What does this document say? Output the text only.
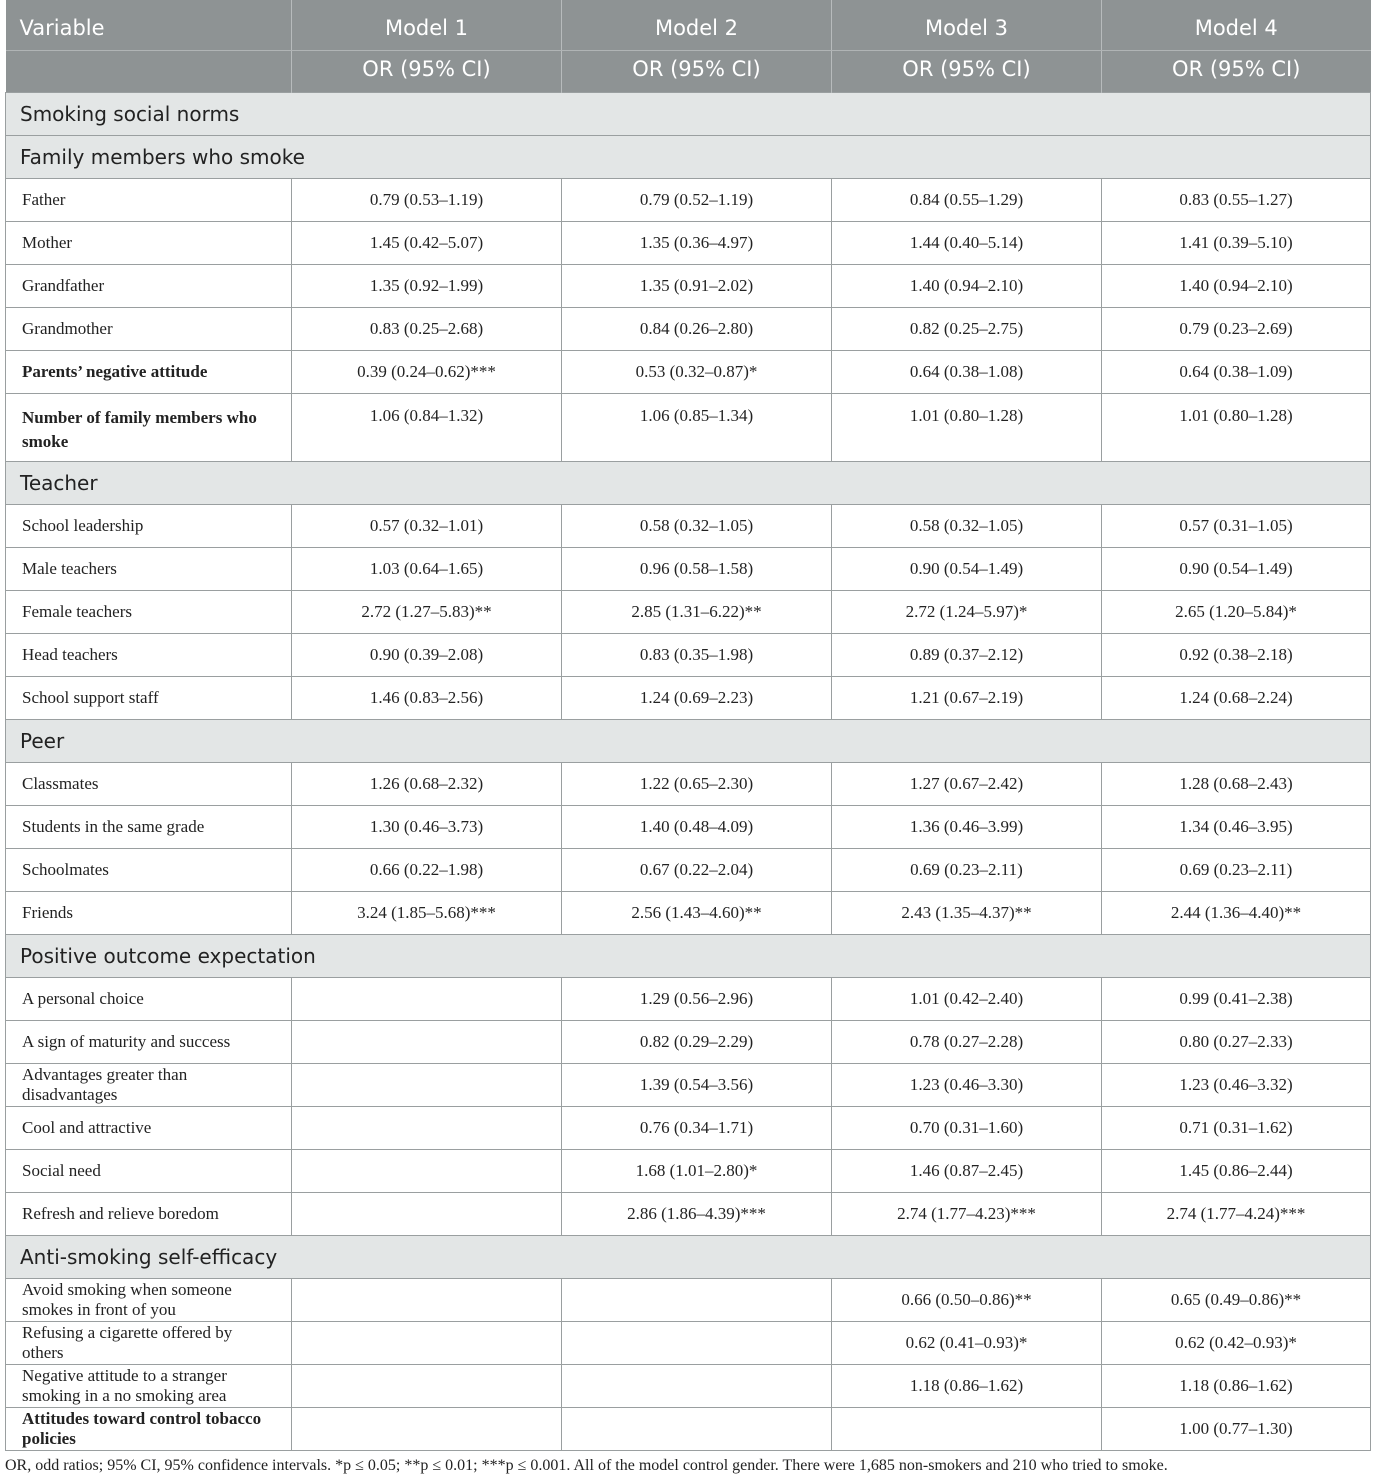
Variable	Model 1	Model 2	Model 3	Model 4
	OR (95% CI)	OR (95% CI)	OR (95% CI)	OR (95% CI)
Smoking social norms				
Family members who smoke				
Father	0.79 (0.53–1.19)	0.79 (0.52–1.19)	0.84 (0.55–1.29)	0.83 (0.55–1.27)
Mother	1.45 (0.42–5.07)	1.35 (0.36–4.97)	1.44 (0.40–5.14)	1.41 (0.39–5.10)
Grandfather	1.35 (0.92–1.99)	1.35 (0.91–2.02)	1.40 (0.94–2.10)	1.40 (0.94–2.10)
Grandmother	0.83 (0.25–2.68)	0.84 (0.26–2.80)	0.82 (0.25–2.75)	0.79 (0.23–2.69)
Parents’ negative attitude	0.39 (0.24–0.62)***	0.53 (0.32–0.87)*	0.64 (0.38–1.08)	0.64 (0.38–1.09)
Number of family members who smoke	1.06 (0.84–1.32)	1.06 (0.85–1.34)	1.01 (0.80–1.28)	1.01 (0.80–1.28)
Teacher				
School leadership	0.57 (0.32–1.01)	0.58 (0.32–1.05)	0.58 (0.32–1.05)	0.57 (0.31–1.05)
Male teachers	1.03 (0.64–1.65)	0.96 (0.58–1.58)	0.90 (0.54–1.49)	0.90 (0.54–1.49)
Female teachers	2.72 (1.27–5.83)**	2.85 (1.31–6.22)**	2.72 (1.24–5.97)*	2.65 (1.20–5.84)*
Head teachers	0.90 (0.39–2.08)	0.83 (0.35–1.98)	0.89 (0.37–2.12)	0.92 (0.38–2.18)
School support staff	1.46 (0.83–2.56)	1.24 (0.69–2.23)	1.21 (0.67–2.19)	1.24 (0.68–2.24)
Peer				
Classmates	1.26 (0.68–2.32)	1.22 (0.65–2.30)	1.27 (0.67–2.42)	1.28 (0.68–2.43)
Students in the same grade	1.30 (0.46–3.73)	1.40 (0.48–4.09)	1.36 (0.46–3.99)	1.34 (0.46–3.95)
Schoolmates	0.66 (0.22–1.98)	0.67 (0.22–2.04)	0.69 (0.23–2.11)	0.69 (0.23–2.11)
Friends	3.24 (1.85–5.68)***	2.56 (1.43–4.60)**	2.43 (1.35–4.37)**	2.44 (1.36–4.40)**
Positive outcome expectation				
A personal choice		1.29 (0.56–2.96)	1.01 (0.42–2.40)	0.99 (0.41–2.38)
A sign of maturity and success		0.82 (0.29–2.29)	0.78 (0.27–2.28)	0.80 (0.27–2.33)
Advantages greater than disadvantages		1.39 (0.54–3.56)	1.23 (0.46–3.30)	1.23 (0.46–3.32)
Cool and attractive		0.76 (0.34–1.71)	0.70 (0.31–1.60)	0.71 (0.31–1.62)
Social need		1.68 (1.01–2.80)*	1.46 (0.87–2.45)	1.45 (0.86–2.44)
Refresh and relieve boredom		2.86 (1.86–4.39)***	2.74 (1.77–4.23)***	2.74 (1.77–4.24)***
Anti-smoking self-efficacy				
Avoid smoking when someone smokes in front of you			0.66 (0.50–0.86)**	0.65 (0.49–0.86)**
Refusing a cigarette offered by others			0.62 (0.41–0.93)*	0.62 (0.42–0.93)*
Negative attitude to a stranger smoking in a no smoking area			1.18 (0.86–1.62)	1.18 (0.86–1.62)
Attitudes toward control tobacco policies				1.00 (0.77–1.30)
OR, odd ratios; 95% CI, 95% confidence intervals. *p ≤ 0.05; **p ≤ 0.01; ***p ≤ 0.001. All of the model control gender. There were 1,685 non-smokers and 210 who tried to smoke.
